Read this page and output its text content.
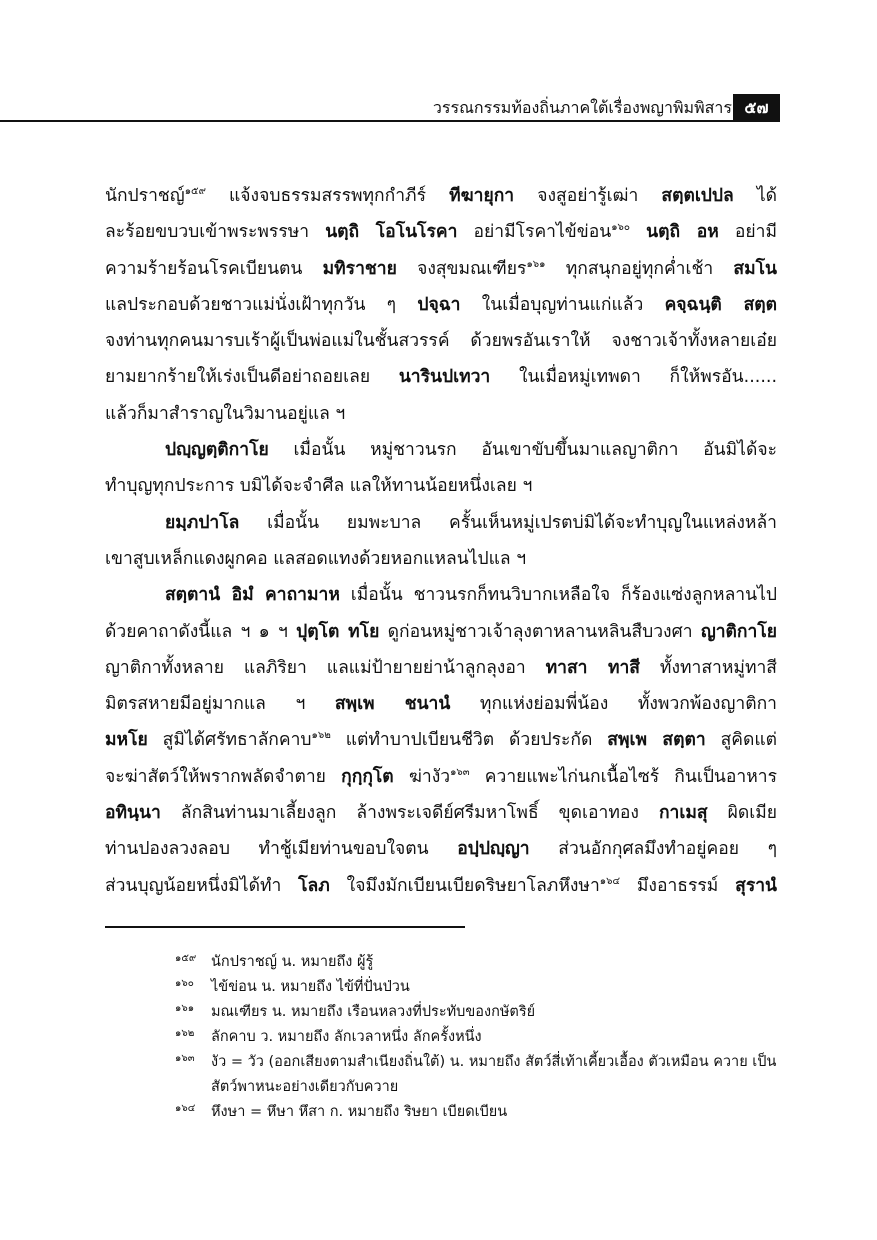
วรรณกรรมท้องถิ่นภาคใต้เรื่องพญาพิมพิสาร ๕๗
นักปราชญ์$^{๑๕๙}$ แจ้งจบธรรมสรรพทุกกำภีร์ ทีฆายุกา จงสูอย่ารู้เฒ่า สตฺตเปปล ได้
ละร้อยขบวบเข้าพระพรรษา นตฺถิ โอโนโรคา อย่ามีโรคาไข้ข่อน$^{๑๖๐}$ นตฺถิ อห อย่ามี
ความร้ายร้อนโรคเบียนตน มทิราชาย จงสุขมณเฑียร$^{๑๖๑}$ ทุกสนุกอยู่ทุกค่ำเช้า สมโน
แลประกอบด้วยชาวแม่นั่งเฝ้าทุกวัน ๆ ปจฺฉา ในเมื่อบุญท่านแก่แล้ว คจฺฉนฺติ สตฺต
จงท่านทุกคนมารบเร้าผู้เป็นพ่อแม่ในชั้นสวรรค์ ด้วยพรอันเราให้ จงชาวเจ้าทั้งหลายเอ๋ย
ยามยากร้ายให้เร่งเป็นดีอย่าถอยเลย นารินปเทวา ในเมื่อหมู่เทพดา ก็ให้พรอัน......
แล้วก็มาสำราญในวิมานอยู่แล ฯ
ปญฺญตฺติกาโย เมื่อนั้น หมู่ชาวนรก อันเขาขับขึ้นมาแลญาติกา อันมิได้จะ
ทำบุญทุกประการ บมิได้จะจำศีล แลให้ทานน้อยหนึ่งเลย ฯ
ยมฺภปาโล เมื่อนั้น ยมพะบาล ครั้นเห็นหมู่เปรตบ่มิได้จะทำบุญในแหล่งหล้า
เขาสูบเหล็กแดงผูกคอ แลสอดแทงด้วยหอกแหลนไปแล ฯ
สตฺตานํ อิมํ คาถามาห เมื่อนั้น ชาวนรกก็ทนวิบากเหลือใจ ก็ร้องแซ่งลูกหลานไป
ด้วยคาถาดังนี้แล ฯ ๑ ฯ ปุตฺโต ทโย ดูก่อนหมู่ชาวเจ้าลุงตาหลานหลินสืบวงศา ญาติกาโย
ญาติกาทั้งหลาย แลภิริยา แลแม่ป้ายายย่าน้าลูกลุงอา ทาสา ทาสี ทั้งทาสาหมู่ทาสี
มิตรสหายมีอยู่มากแล ฯ สพฺเพ ชนานํ ทุกแห่งย่อมพี่น้อง ทั้งพวกพ้องญาติกา
มหโย สูมิได้ศรัทธาลักคาบ$^{๑๖๒}$ แต่ทำบาปเบียนชีวิต ด้วยประกัด สพฺเพ สตฺตา สูคิดแต่
จะฆ่าสัตว์ให้พรากพลัดจำตาย กุกฺกุโต ฆ่างัว$^{๑๖๓}$ ควายแพะไก่นกเนื้อไซร้ กินเป็นอาหาร
อทินฺนา ลักสินท่านมาเลี้ยงลูก ล้างพระเจดีย์ศรีมหาโพธิ์ ขุดเอาทอง กาเมสุ ผิดเมีย
ท่านปองลวงลอบ ทำชู้เมียท่านขอบใจตน อปฺปญฺญา ส่วนอักกุศลมึงทำอยู่คอย ๆ
ส่วนบุญน้อยหนึ่งมิได้ทำ โลภ ใจมึงมักเบียนเบียดริษยาโลภหึงษา$^{๑๖๔}$ มึงอาธรรม์ สุรานํ
๑๕๙	นักปราชญ์ น. หมายถึง ผู้รู้
๑๖๐	ไข้ข่อน น. หมายถึง ไข้ที่ปั่นป่วน
๑๖๑	มณเฑียร น. หมายถึง เรือนหลวงที่ประทับของกษัตริย์
๑๖๒	ลักคาบ ว. หมายถึง ลักเวลาหนึ่ง ลักครั้งหนึ่ง
๑๖๓	งัว = วัว (ออกเสียงตามสำเนียงถิ่นใต้) น. หมายถึง สัตว์สี่เท้าเคี้ยวเอื้อง ตัวเหมือน ควาย เป็นสัตว์พาหนะอย่างเดียวกับควาย
๑๖๔	หึงษา = หึษา หึสา ก. หมายถึง ริษยา เบียดเบียน
